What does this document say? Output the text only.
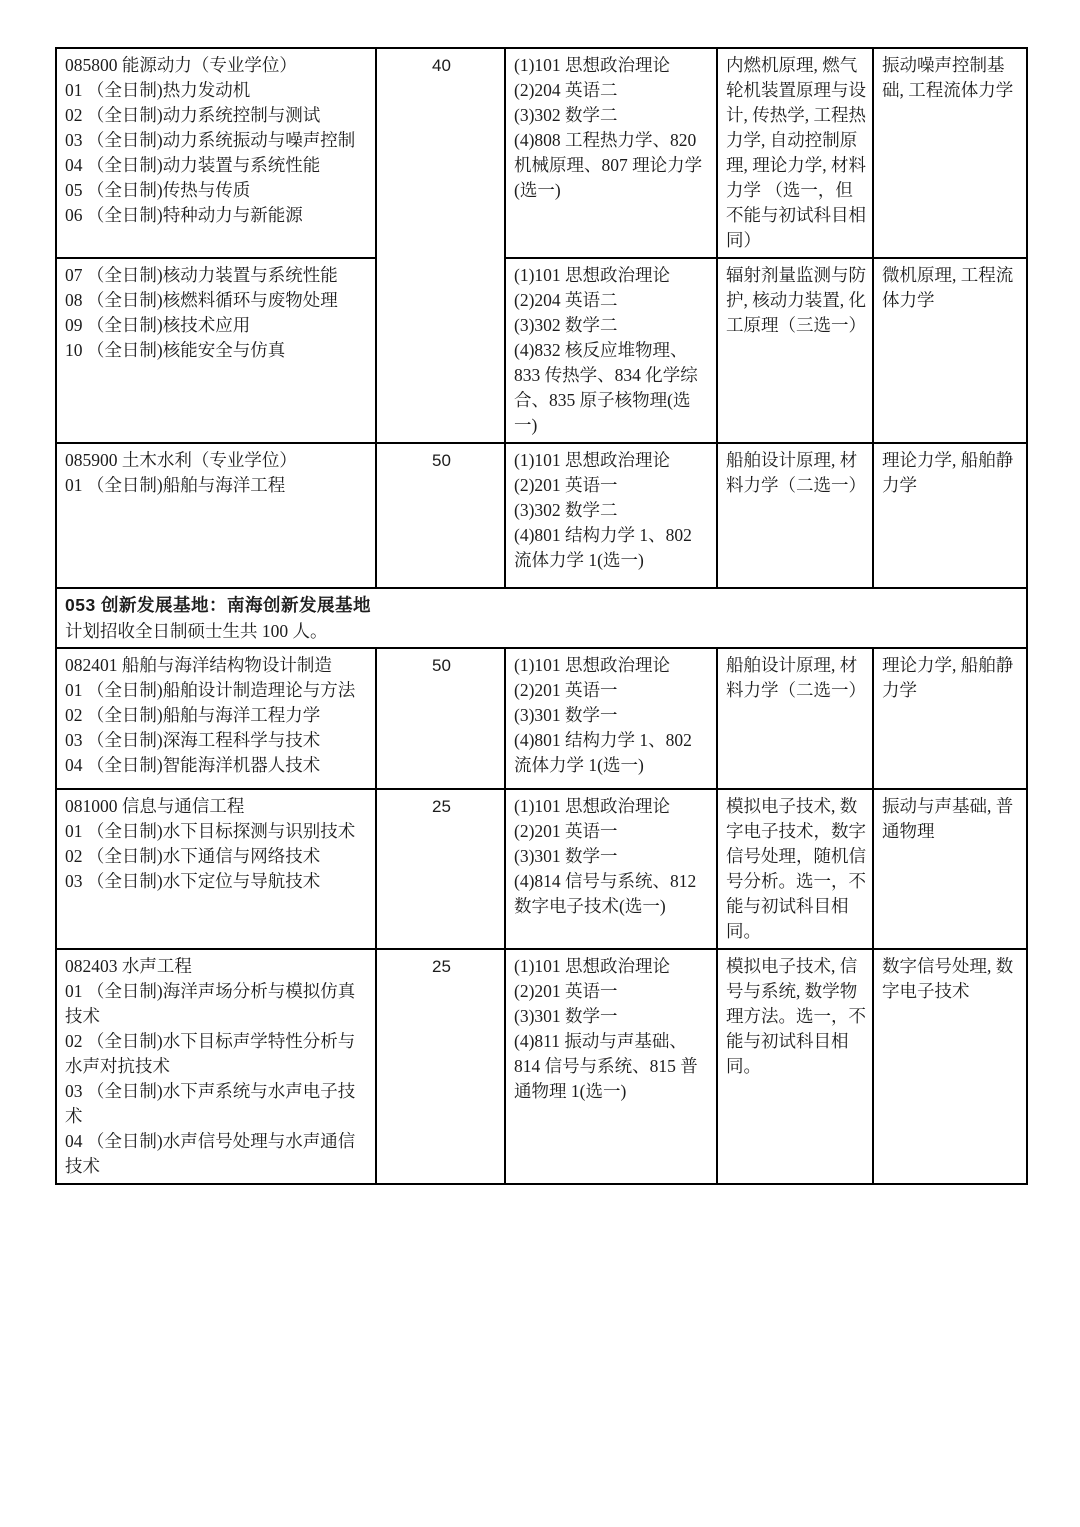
085800 能源动力（专业学位）
01 （全日制)热力发动机
02 （全日制)动力系统控制与测试
03 （全日制)动力系统振动与噪声控制
04 （全日制)动力装置与系统性能
05 （全日制)传热与传质
06 （全日制)特种动力与新能源
	40	(1)101 思想政治理论
(2)204 英语二
(3)302 数学二
(4)808 工程热力学、820 机械原理、807 理论力学(选一)
	内燃机原理, 燃气轮机装置原理与设计, 传热学, 工程热力学, 自动控制原理, 理论力学, 材料力学 （选一，但不能与初试科目相同）	振动噪声控制基础, 工程流体力学

07 （全日制)核动力装置与系统性能
08 （全日制)核燃料循环与废物处理
09 （全日制)核技术应用
10 （全日制)核能安全与仿真

(1)101 思想政治理论
(2)204 英语二
(3)302 数学二
(4)832 核反应堆物理、833 传热学、834 化学综合、835 原子核物理(选一)
	辐射剂量监测与防护, 核动力装置, 化工原理（三选一）	微机原理, 工程流体力学

085900 土木水利（专业学位）
01 （全日制)船舶与海洋工程
	50	(1)101 思想政治理论
(2)201 英语一
(3)302 数学二
(4)801 结构力学 1、802 流体力学 1(选一)
	船舶设计原理, 材料力学（二选一）	理论力学, 船舶静力学

053 创新发展基地：南海创新发展基地
计划招收全日制硕士生共 100 人。				

082401 船舶与海洋结构物设计制造
01 （全日制)船舶设计制造理论与方法
02 （全日制)船舶与海洋工程力学
03 （全日制)深海工程科学与技术
04 （全日制)智能海洋机器人技术
	50	(1)101 思想政治理论
(2)201 英语一
(3)301 数学一
(4)801 结构力学 1、802 流体力学 1(选一)
	船舶设计原理, 材料力学（二选一）	理论力学, 船舶静力学

081000 信息与通信工程
01 （全日制)水下目标探测与识别技术
02 （全日制)水下通信与网络技术
03 （全日制)水下定位与导航技术
	25	(1)101 思想政治理论
(2)201 英语一
(3)301 数学一
(4)814 信号与系统、812 数字电子技术(选一)
	模拟电子技术, 数字电子技术，数字信号处理，随机信号分析。选一，不能与初试科目相同。	振动与声基础, 普通物理

082403 水声工程
01 （全日制)海洋声场分析与模拟仿真技术
02 （全日制)水下目标声学特性分析与水声对抗技术
03 （全日制)水下声系统与水声电子技术
04 （全日制)水声信号处理与水声通信技术
	25	(1)101 思想政治理论
(2)201 英语一
(3)301 数学一
(4)811 振动与声基础、814 信号与系统、815 普通物理 1(选一)
	模拟电子技术, 信号与系统, 数学物理方法。选一，不能与初试科目相同。	数字信号处理, 数字电子技术
